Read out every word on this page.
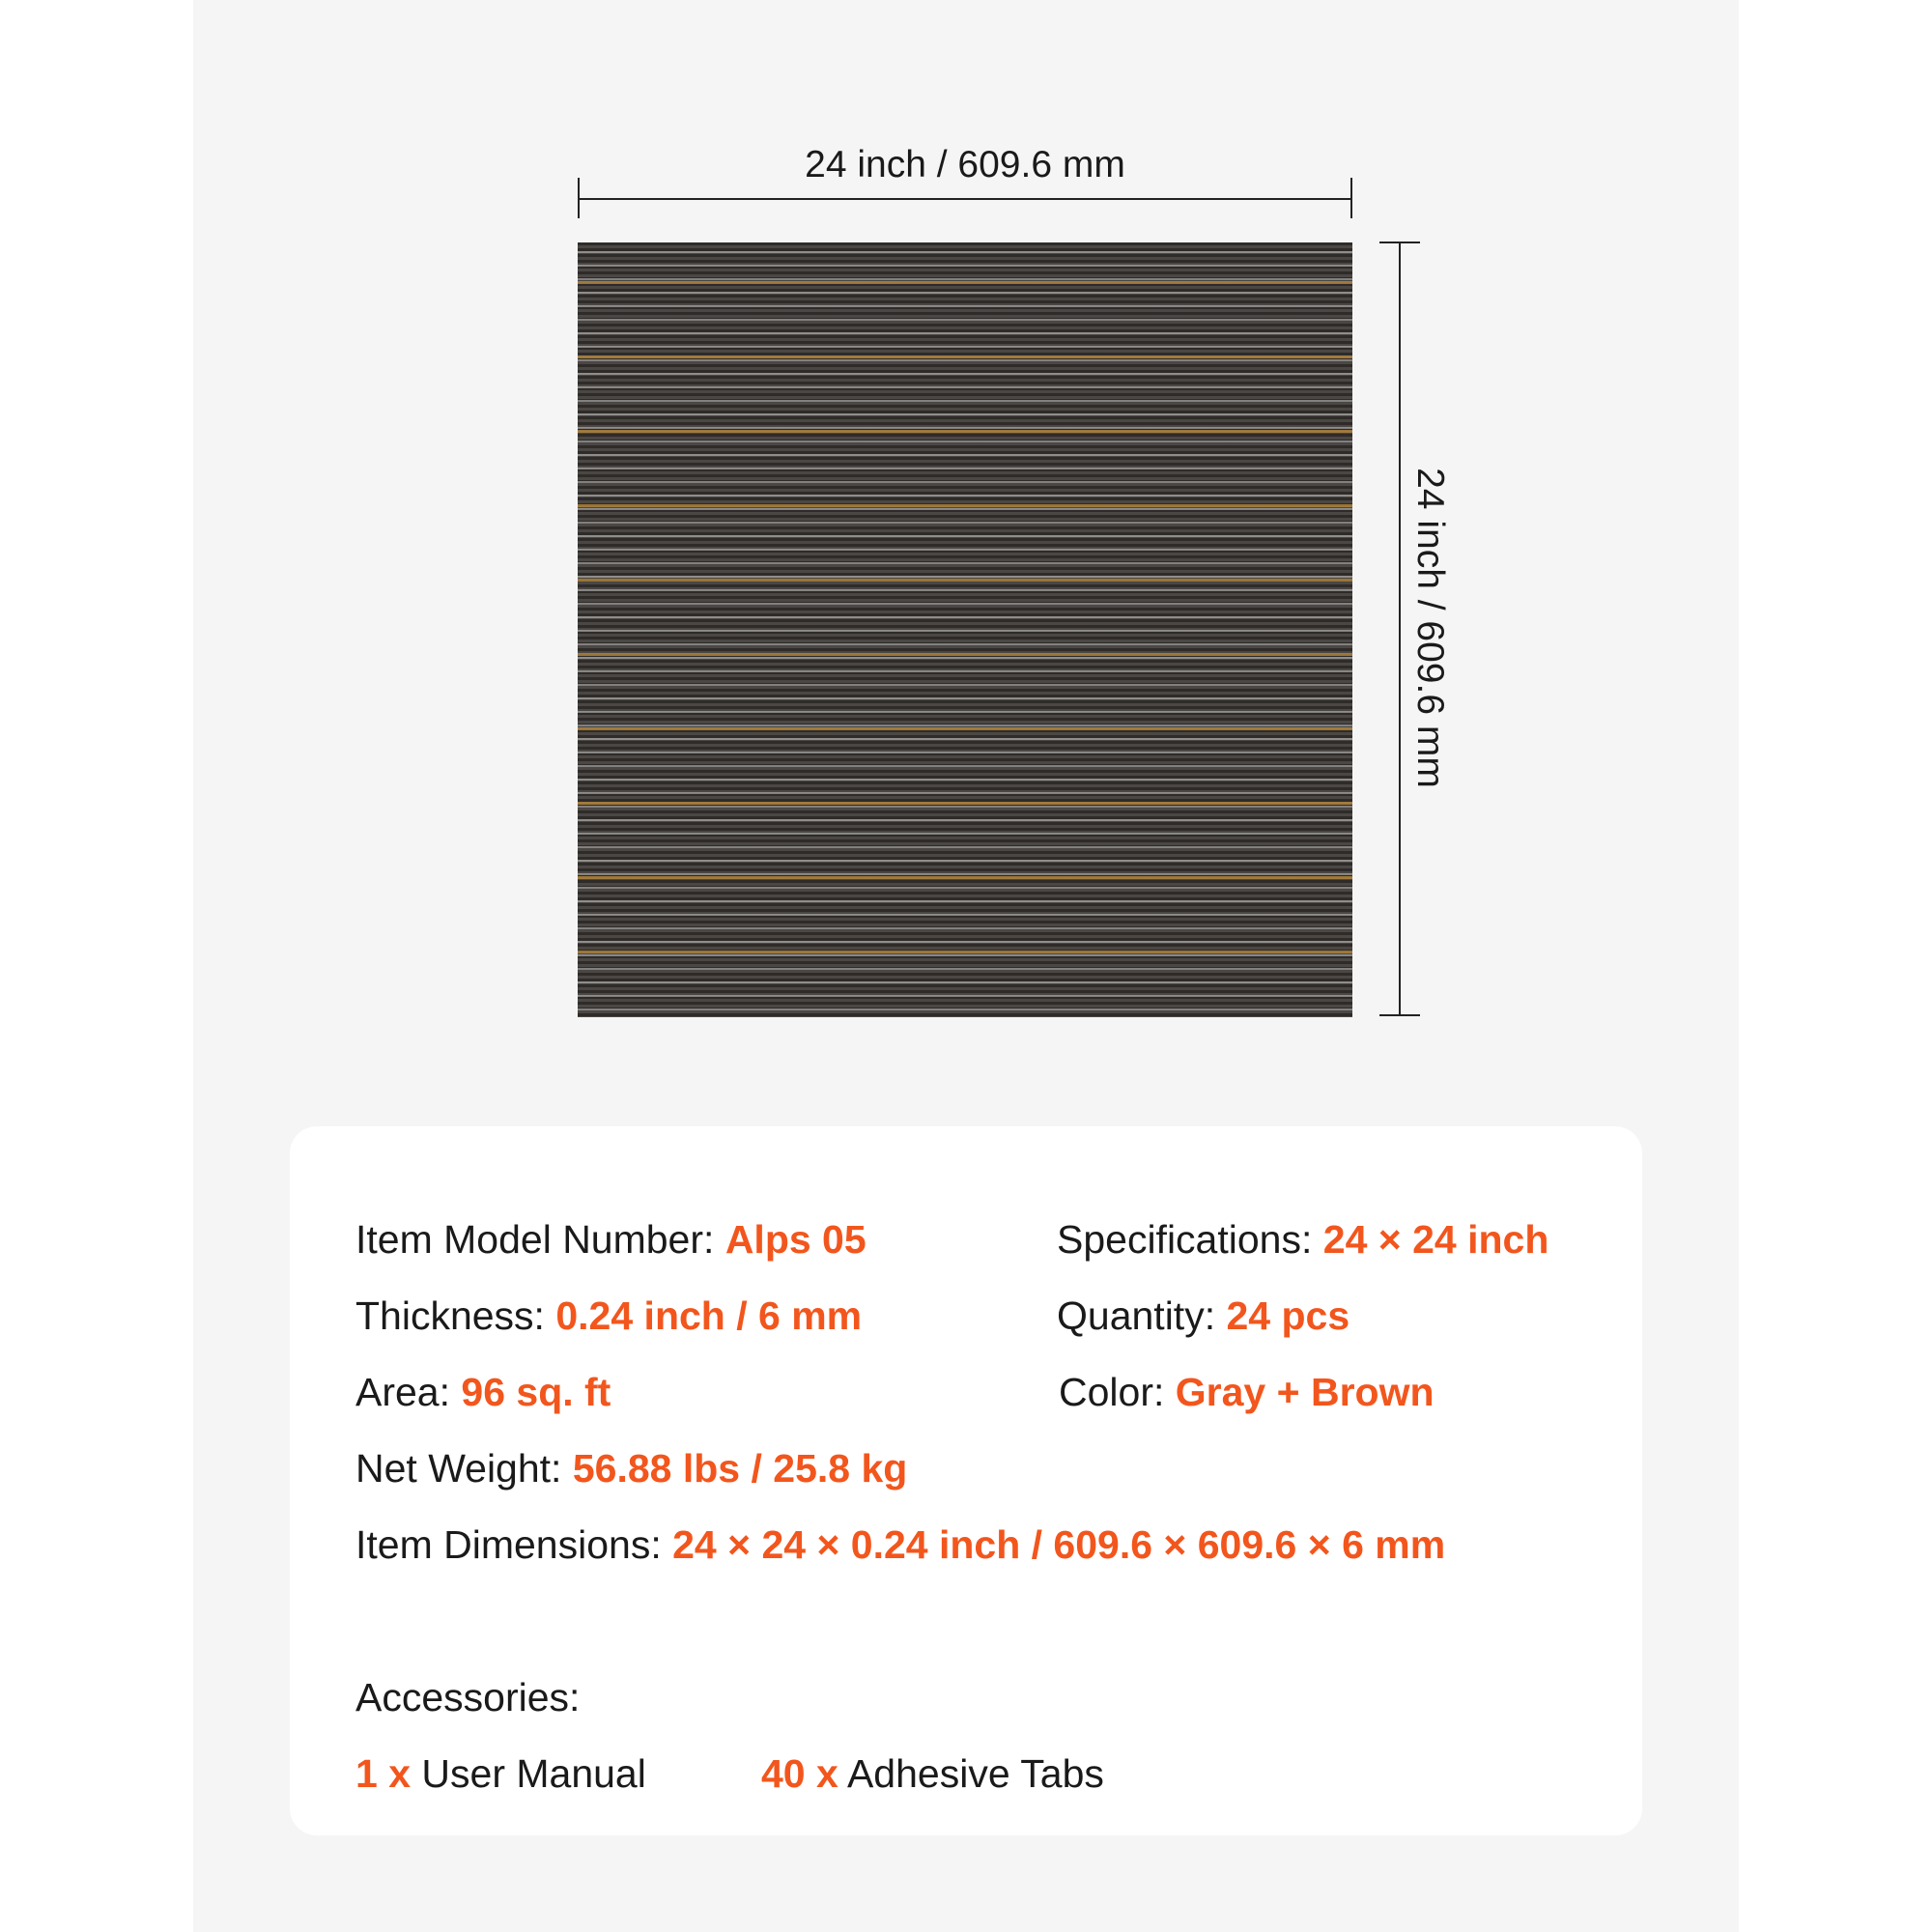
24 inch / 609.6 mm
24 inch / 609.6 mm
Item Model Number: Alps 05	Specifications: 24 × 24 inch
Thickness: 0.24 inch / 6 mm	Quantity: 24 pcs
Area: 96 sq. ft	Color: Gray + Brown
Net Weight: 56.88 lbs / 25.8 kg
Item Dimensions: 24 × 24 × 0.24 inch / 609.6 × 609.6 × 6 mm
Accessories:
1 x User Manual	40 x Adhesive Tabs
